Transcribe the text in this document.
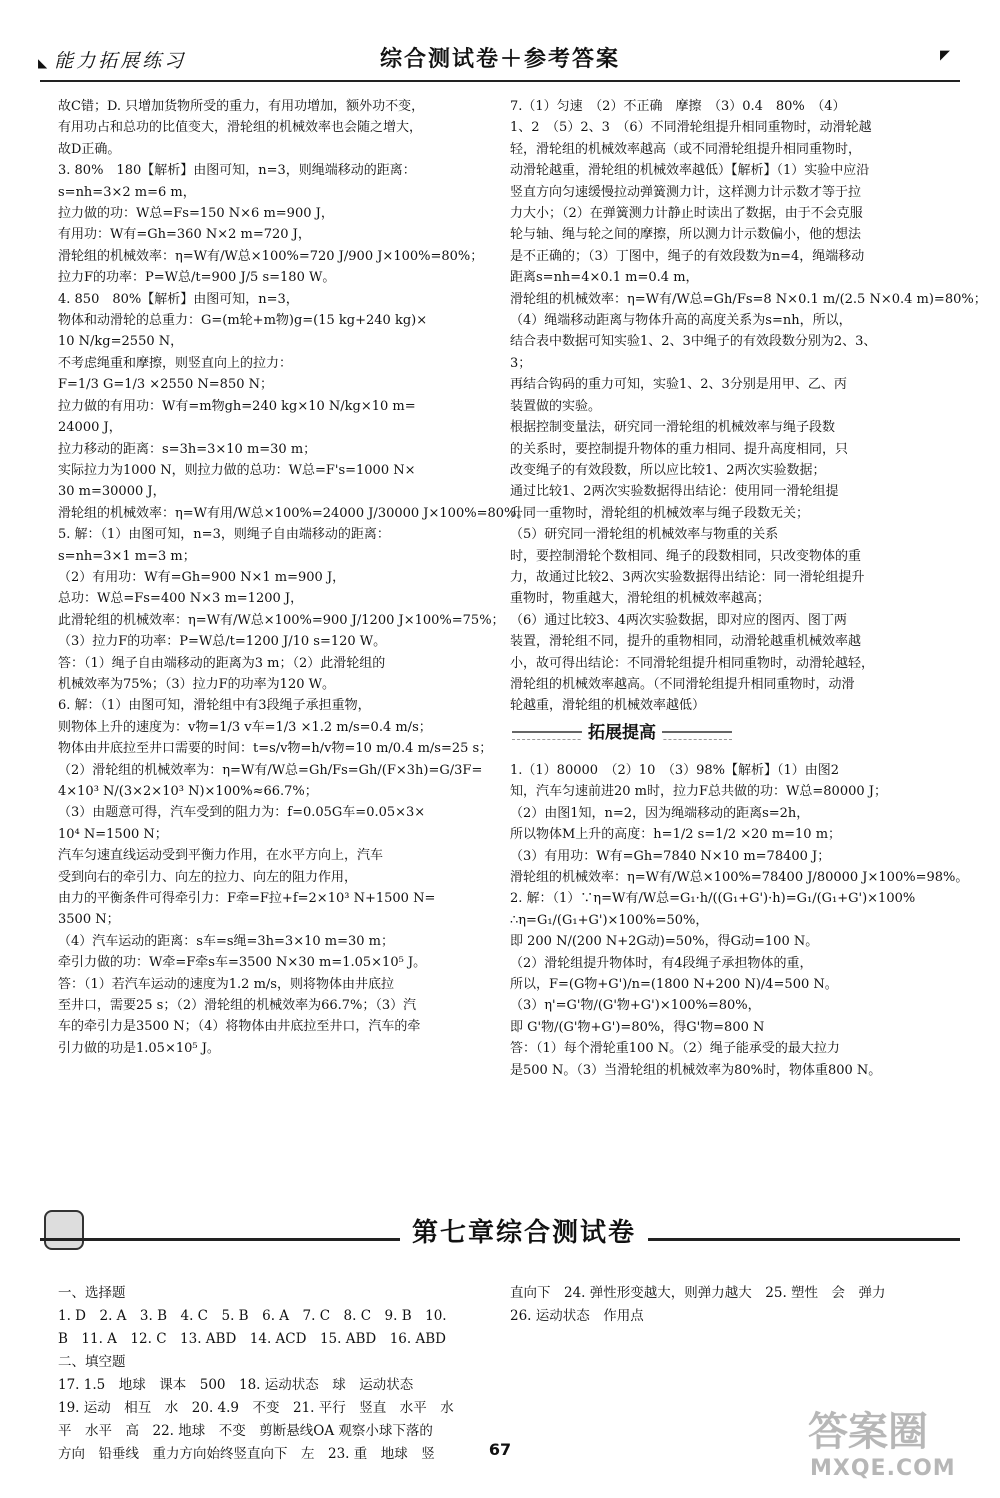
◣ 能力拓展练习	综合测试卷＋参考答案	◤

故C错；D. 只增加货物所受的重力，有用功增加，额外功不变，

有用功占和总功的比值变大，滑轮组的机械效率也会随之增大，

故D正确。

3. 80%　180【解析】由图可知，n=3，则绳端移动的距离：

s=nh=3×2 m=6 m，

拉力做的功：W总=Fs=150 N×6 m=900 J，

有用功：W有=Gh=360 N×2 m=720 J，

滑轮组的机械效率：η=W有/W总×100%=720 J/900 J×100%=80%；

拉力F的功率：P=W总/t=900 J/5 s=180 W。

4. 850　80%【解析】由图可知，n=3，

物体和动滑轮的总重力：G=(m轮+m物)g=(15 kg+240 kg)×

10 N/kg=2550 N，

不考虑绳重和摩擦，则竖直向上的拉力：

F=1/3 G=1/3 ×2550 N=850 N；

拉力做的有用功：W有=m物gh=240 kg×10 N/kg×10 m=

24000 J，

拉力移动的距离：s=3h=3×10 m=30 m；

实际拉力为1000 N，则拉力做的总功：W总=F's=1000 N×

30 m=30000 J，

滑轮组的机械效率：η=W有用/W总×100%=24000 J/30000 J×100%=80%。

5. 解：（1）由图可知，n=3，则绳子自由端移动的距离：

s=nh=3×1 m=3 m；

（2）有用功：W有=Gh=900 N×1 m=900 J，

总功：W总=Fs=400 N×3 m=1200 J，

此滑轮组的机械效率：η=W有/W总×100%=900 J/1200 J×100%=75%；

（3）拉力F的功率：P=W总/t=1200 J/10 s=120 W。

答：（1）绳子自由端移动的距离为3 m；（2）此滑轮组的

机械效率为75%；（3）拉力F的功率为120 W。

6. 解：（1）由图可知，滑轮组中有3段绳子承担重物，

则物体上升的速度为：v物=1/3 v车=1/3 ×1.2 m/s=0.4 m/s；

物体由井底拉至井口需要的时间：t=s/v物=h/v物=10 m/0.4 m/s=25 s；

（2）滑轮组的机械效率为：η=W有/W总=Gh/Fs=Gh/(F×3h)=G/3F=

4×10³ N/(3×2×10³ N)×100%≈66.7%；

（3）由题意可得，汽车受到的阻力为：f=0.05G车=0.05×3×

10⁴ N=1500 N；

汽车匀速直线运动受到平衡力作用，在水平方向上，汽车

受到向右的牵引力、向左的拉力、向左的阻力作用，

由力的平衡条件可得牵引力：F牵=F拉+f=2×10³ N+1500 N=

3500 N；

（4）汽车运动的距离：s车=s绳=3h=3×10 m=30 m；

牵引力做的功：W牵=F牵s车=3500 N×30 m=1.05×10⁵ J。

答：（1）若汽车运动的速度为1.2 m/s，则将物体由井底拉

至井口，需要25 s；（2）滑轮组的机械效率为66.7%；（3）汽

车的牵引力是3500 N；（4）将物体由井底拉至井口，汽车的牵

引力做的功是1.05×10⁵ J。

7.（1）匀速　（2）不正确　摩擦　（3）0.4　80%　（4）

1、2　（5）2、3　（6）不同滑轮组提升相同重物时，动滑轮越

轻，滑轮组的机械效率越高（或不同滑轮组提升相同重物时，

动滑轮越重，滑轮组的机械效率越低）【解析】（1）实验中应沿

竖直方向匀速缓慢拉动弹簧测力计，这样测力计示数才等于拉

力大小；（2）在弹簧测力计静止时读出了数据，由于不会克服

轮与轴、绳与轮之间的摩擦，所以测力计示数偏小，他的想法

是不正确的；（3）丁图中，绳子的有效段数为n=4，绳端移动

距离s=nh=4×0.1 m=0.4 m，

滑轮组的机械效率：η=W有/W总=Gh/Fs=8 N×0.1 m/(2.5 N×0.4 m)=80%；

（4）绳端移动距离与物体升高的高度关系为s=nh，所以，

结合表中数据可知实验1、2、3中绳子的有效段数分别为2、3、

3；

再结合钩码的重力可知，实验1、2、3分别是用甲、乙、丙

装置做的实验。

根据控制变量法，研究同一滑轮组的机械效率与绳子段数

的关系时，要控制提升物体的重力相同、提升高度相同，只

改变绳子的有效段数，所以应比较1、2两次实验数据；

通过比较1、2两次实验数据得出结论：使用同一滑轮组提

升同一重物时，滑轮组的机械效率与绳子段数无关；

（5）研究同一滑轮组的机械效率与物重的关系

时，要控制滑轮个数相同、绳子的段数相同，只改变物体的重

力，故通过比较2、3两次实验数据得出结论：同一滑轮组提升

重物时，物重越大，滑轮组的机械效率越高；

（6）通过比较3、4两次实验数据，即对应的图丙、图丁两

装置，滑轮组不同，提升的重物相同，动滑轮越重机械效率越

小，故可得出结论：不同滑轮组提升相同重物时，动滑轮越轻，

滑轮组的机械效率越高。（不同滑轮组提升相同重物时，动滑

轮越重，滑轮组的机械效率越低）

拓展提高

1.（1）80000　（2）10　（3）98%【解析】（1）由图2

知，汽车匀速前进20 m时，拉力F总共做的功：W总=80000 J；

（2）由图1知，n=2，因为绳端移动的距离s=2h，

所以物体M上升的高度：h=1/2 s=1/2 ×20 m=10 m；

（3）有用功：W有=Gh=7840 N×10 m=78400 J；

滑轮组的机械效率：η=W有/W总×100%=78400 J/80000 J×100%=98%。

2. 解：（1）∵η=W有/W总=G₁·h/((G₁+G')·h)=G₁/(G₁+G')×100%

∴η=G₁/(G₁+G')×100%=50%，

即 200 N/(200 N+2G动)=50%，得G动=100 N。

（2）滑轮组提升物体时，有4段绳子承担物体的重，

所以，F=(G物+G')/n=(1800 N+200 N)/4=500 N。

（3）η'=G'物/(G'物+G')×100%=80%，

即 G'物/(G'物+G')=80%，得G'物=800 N

答：（1）每个滑轮重100 N。（2）绳子能承受的最大拉力

是500 N。（3）当滑轮组的机械效率为80%时，物体重800 N。

第七章综合测试卷

一、选择题

1. D　2. A　3. B　4. C　5. B　6. A　7. C　8. C　9. B　10.

B　11. A　12. C　13. ABD　14. ACD　15. ABD　16. ABD

二、填空题

17. 1.5　地球　课本　500　18. 运动状态　球　运动状态

19. 运动　相互　水　20. 4.9　不变　21. 平行　竖直　水平　水

平　水平　高　22. 地球　不变　剪断悬线OA 观察小球下落的

方向　铅垂线　重力方向始终竖直向下　左　23. 重　地球　竖

直向下　24. 弹性形变越大，则弹力越大　25. 塑性　会　弹力

26. 运动状态　作用点

67	答案圈
MXQE.COM
